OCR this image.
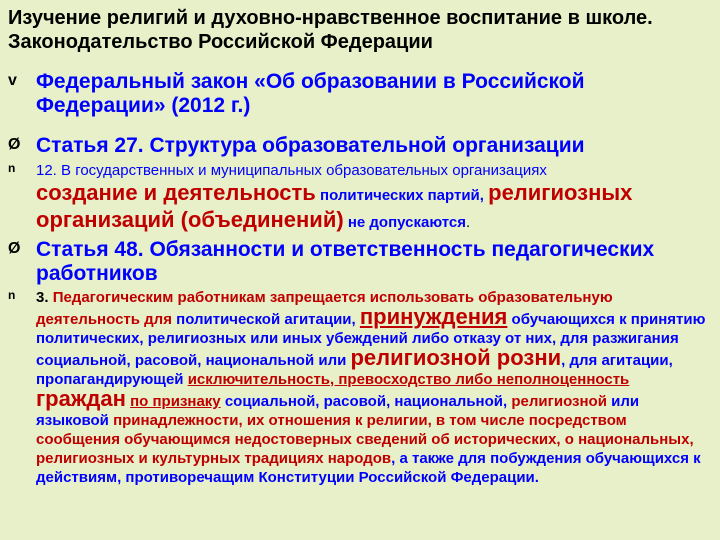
Изучение религий и духовно-нравственное воспитание в школе. Законодательство Российской Федерации
v Федеральный закон «Об образовании в Российской Федерации» (2012 г.)
Ø Статья 27. Структура образовательной организации
n 12. В государственных и муниципальных образовательных организациях
создание и деятельность политических партий, религиозных организаций (объединений) не допускаются.
Ø Статья 48. Обязанности и ответственность педагогических работников
n 3. Педагогическим работникам запрещается использовать образовательную деятельность для политической агитации, принуждения обучающихся к принятию политических, религиозных или иных убеждений либо отказу от них, для разжигания социальной, расовой, национальной или религиозной розни, для агитации, пропагандирующей исключительность, превосходство либо неполноценность граждан по признаку социальной, расовой, национальной, религиозной или языковой принадлежности, их отношения к религии, в том числе посредством сообщения обучающимся недостоверных сведений об исторических, о национальных, религиозных и культурных традициях народов, а также для побуждения обучающихся к действиям, противоречащим Конституции Российской Федерации.
